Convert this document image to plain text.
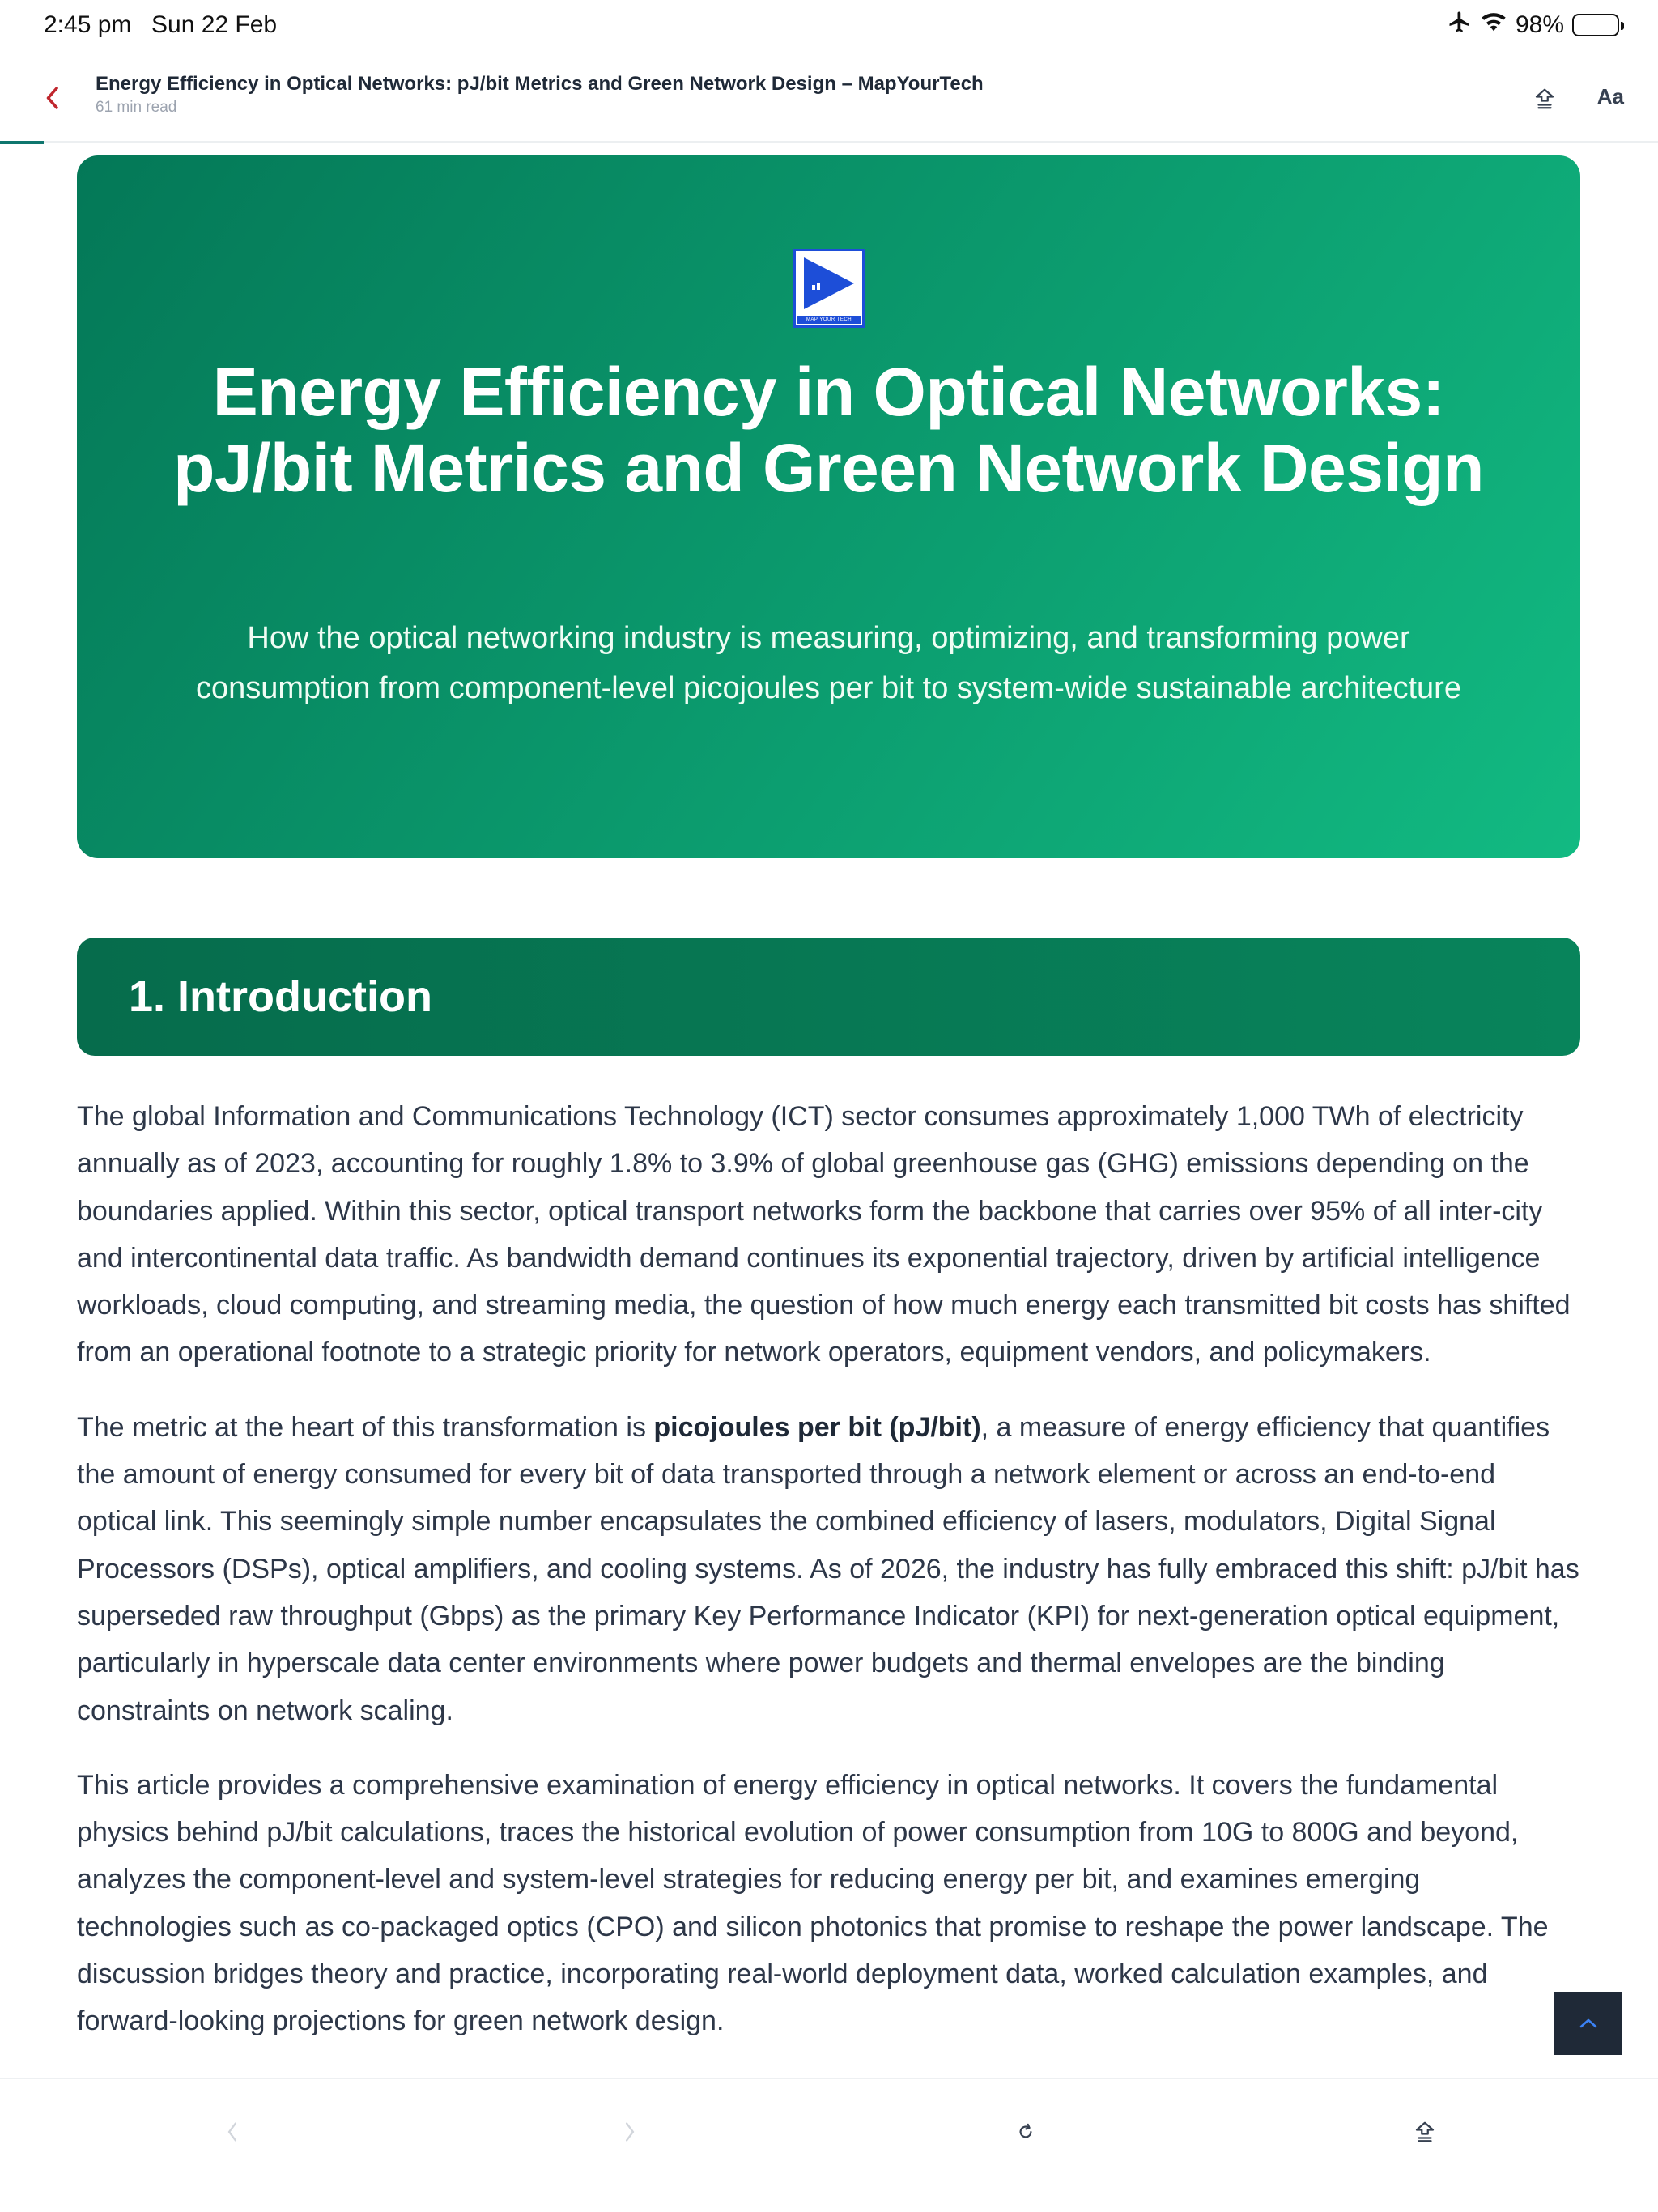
2:45 pm Sun 22 Feb	98%
Energy Efficiency in Optical Networks: pJ/bit Metrics and Green Network Design – MapYourTech
61 min read	Aa
MAP YOUR TECH
Energy Efficiency in Optical Networks: pJ/bit Metrics and Green Network Design
How the optical networking industry is measuring, optimizing, and transforming power consumption from component-level picojoules per bit to system-wide sustainable architecture
1. Introduction

The global Information and Communications Technology (ICT) sector consumes approximately 1,000 TWh of electricity annually as of 2023, accounting for roughly 1.8% to 3.9% of global greenhouse gas (GHG) emissions depending on the boundaries applied. Within this sector, optical transport networks form the backbone that carries over 95% of all inter-city and intercontinental data traffic. As bandwidth demand continues its exponential trajectory, driven by artificial intelligence workloads, cloud computing, and streaming media, the question of how much energy each transmitted bit costs has shifted from an operational footnote to a strategic priority for network operators, equipment vendors, and policymakers.

The metric at the heart of this transformation is picojoules per bit (pJ/bit), a measure of energy efficiency that quantifies the amount of energy consumed for every bit of data transported through a network element or across an end-to-end optical link. This seemingly simple number encapsulates the combined efficiency of lasers, modulators, Digital Signal Processors (DSPs), optical amplifiers, and cooling systems. As of 2026, the industry has fully embraced this shift: pJ/bit has superseded raw throughput (Gbps) as the primary Key Performance Indicator (KPI) for next-generation optical equipment, particularly in hyperscale data center environments where power budgets and thermal envelopes are the binding constraints on network scaling.

This article provides a comprehensive examination of energy efficiency in optical networks. It covers the fundamental physics behind pJ/bit calculations, traces the historical evolution of power consumption from 10G to 800G and beyond, analyzes the component-level and system-level strategies for reducing energy per bit, and examines emerging technologies such as co-packaged optics (CPO) and silicon photonics that promise to reshape the power landscape. The discussion bridges theory and practice, incorporating real-world deployment data, worked calculation examples, and forward-looking projections for green network design.
